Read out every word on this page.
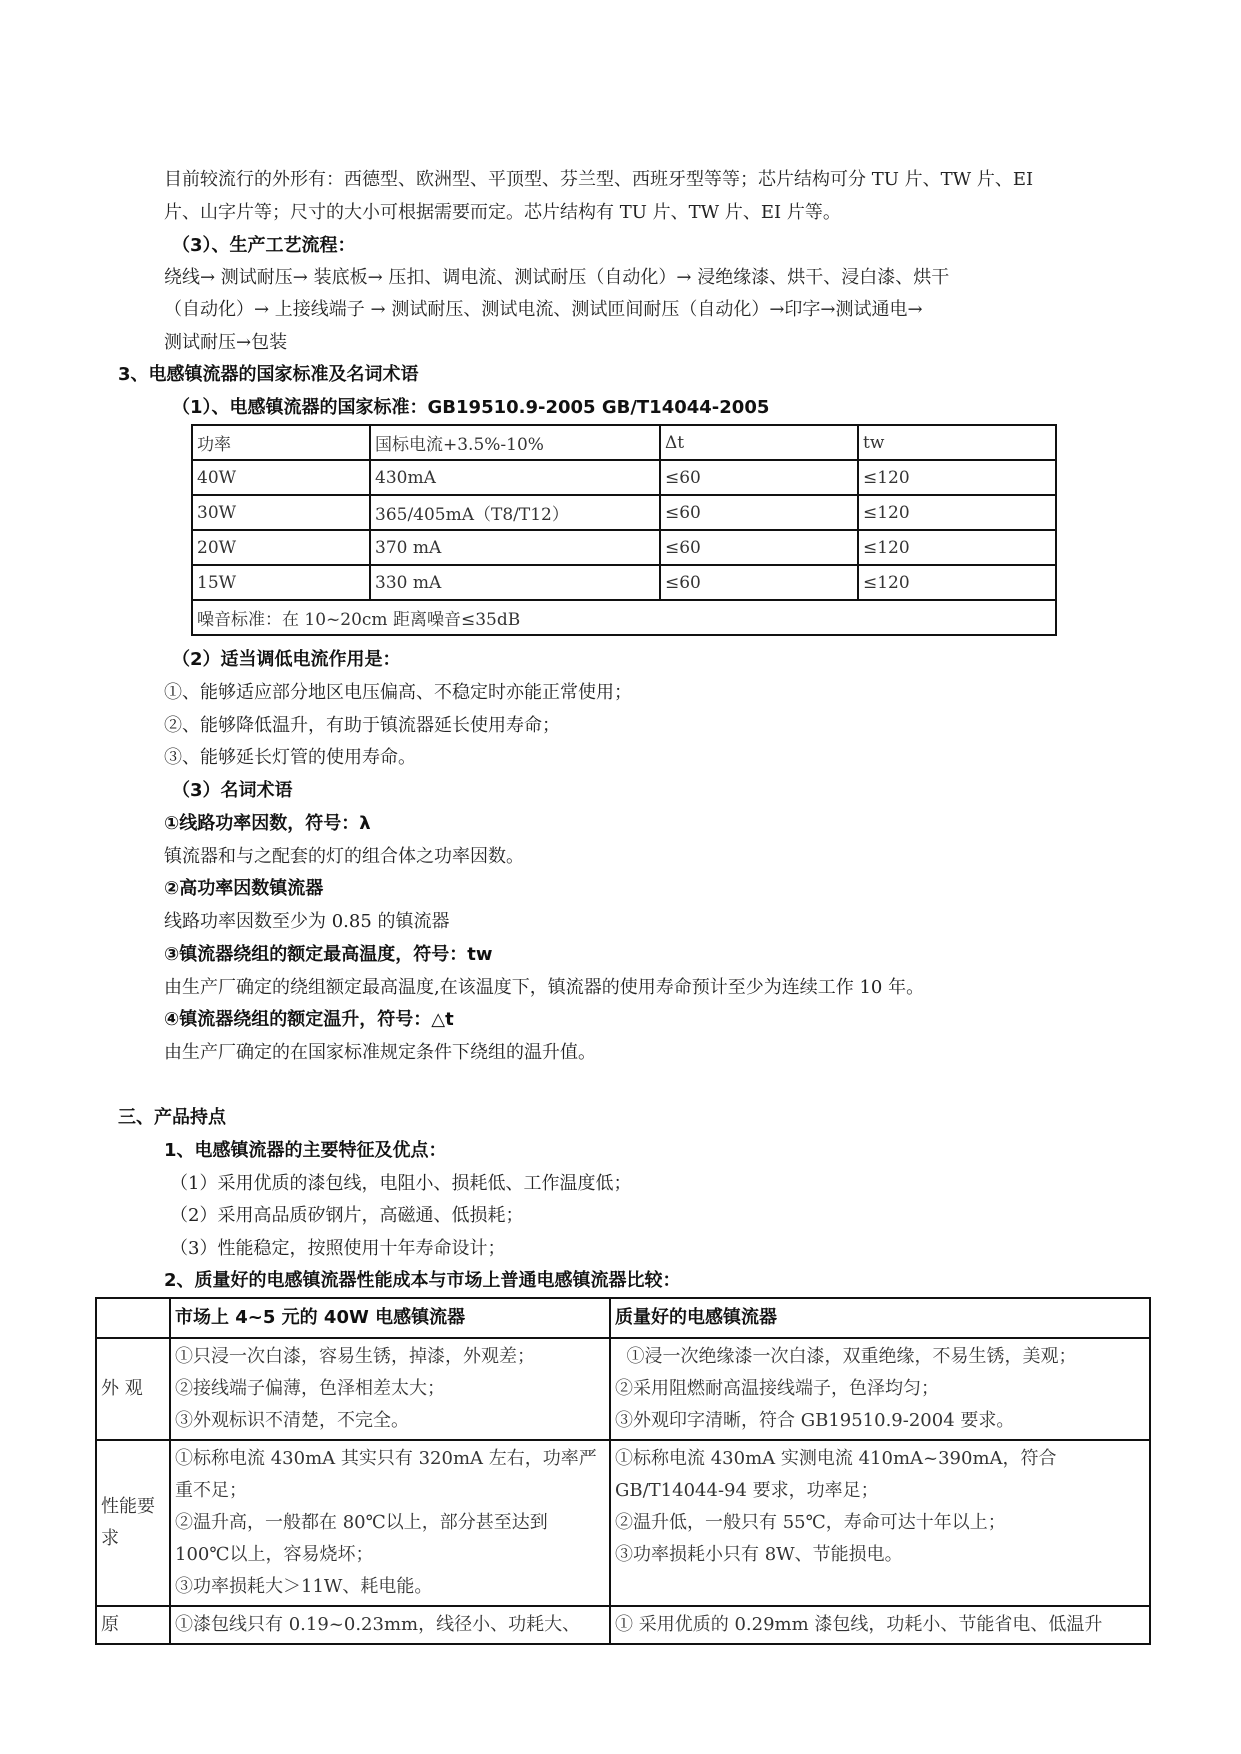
目前较流行的外形有：西德型、欧洲型、平顶型、芬兰型、西班牙型等等；芯片结构可分 TU 片、TW 片、EI
片、山字片等；尺寸的大小可根据需要而定。芯片结构有 TU 片、TW 片、EI 片等。
（3）、生产工艺流程：
绕线→ 测试耐压→ 装底板→ 压扣、调电流、测试耐压（自动化）→ 浸绝缘漆、烘干、浸白漆、烘干
（自动化）→ 上接线端子 → 测试耐压、测试电流、测试匝间耐压（自动化）→印字→测试通电→
测试耐压→包装
3、电感镇流器的国家标准及名词术语
（1）、电感镇流器的国家标准：GB19510.9-2005 GB/T14044-2005
功率	国标电流+3.5%-10%	Δt	tw
40W	430mA	≤60	≤120
30W	365/405mA（T8/T12）	≤60	≤120
20W	370 mA	≤60	≤120
15W	330 mA	≤60	≤120
噪音标准：在 10~20cm 距离噪音≤35dB			
（2）适当调低电流作用是：
①、能够适应部分地区电压偏高、不稳定时亦能正常使用；
②、能够降低温升，有助于镇流器延长使用寿命；
③、能够延长灯管的使用寿命。
（3）名词术语
①线路功率因数，符号：λ
镇流器和与之配套的灯的组合体之功率因数。
②高功率因数镇流器
线路功率因数至少为 0.85 的镇流器
③镇流器绕组的额定最高温度，符号：tw
由生产厂确定的绕组额定最高温度,在该温度下，镇流器的使用寿命预计至少为连续工作 10 年。
④镇流器绕组的额定温升，符号：△t
由生产厂确定的在国家标准规定条件下绕组的温升值。
三、产品持点
1、电感镇流器的主要特征及优点：
（1）采用优质的漆包线，电阻小、损耗低、工作温度低；
（2）采用高品质矽钢片，高磁通、低损耗；
（3）性能稳定，按照使用十年寿命设计；
2、质量好的电感镇流器性能成本与市场上普通电感镇流器比较：
	市场上 4~5 元的 40W 电感镇流器	质量好的电感镇流器
外 观	①只浸一次白漆，容易生锈，掉漆，外观差；
②接线端子偏薄，色泽相差太大；
③外观标识不清楚，不完全。	①浸一次绝缘漆一次白漆，双重绝缘，不易生锈，美观；
②采用阻燃耐高温接线端子，色泽均匀；
③外观印字清晰，符合 GB19510.9-2004 要求。

性能要求	①标称电流 430mA 其实只有 320mA 左右，功率严
重不足；
②温升高，一般都在 80℃以上，部分甚至达到
100℃以上，容易烧坏；
③功率损耗大＞11W、耗电能。	①标称电流 430mA 实测电流 410mA~390mA，符合
GB/T14044-94 要求，功率足；
②温升低，一般只有 55℃，寿命可达十年以上；
③功率损耗小只有 8W、节能损电。

原	①漆包线只有 0.19~0.23mm，线径小、功耗大、	① 采用优质的 0.29mm 漆包线，功耗小、节能省电、低温升
